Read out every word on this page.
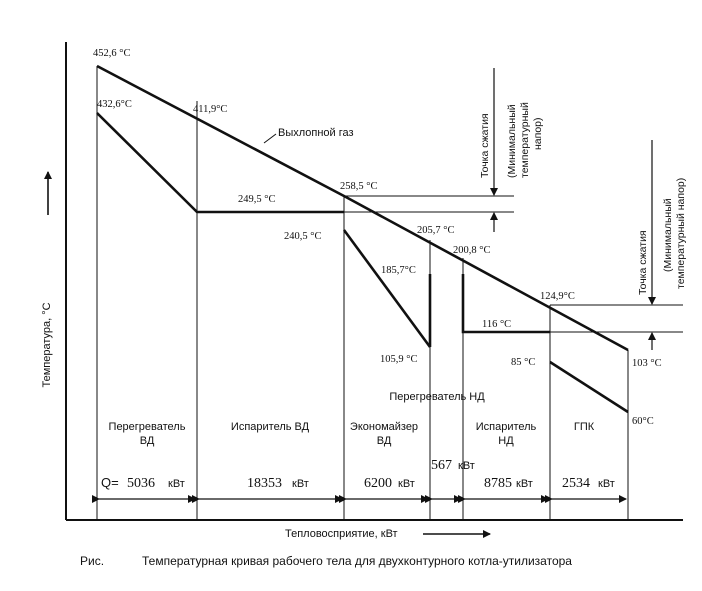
Температура, °С
Тепловосприятие, кВт
Точка сжатия (Минимальный температурный напор)
Точка сжатия (Минимальный температурный напор)
Выхлопной газ
452,6 °С
432,6°С	411,9°С
249,5 °С
258,5 °С
240,5 °С
205,7 °С
185,7°С
200,8 °С
105,9 °С
124,9°С
116 °С
85 °С	103 °С
60°С
Перегреватель
ВД
Испаритель ВД	Экономайзер
ВД
Перегреватель НД
Испаритель
НД
ГПК
Q= 5036 кВт	18353 кВт	6200 кВт
567 кВт
8785 кВт 2534 кВт
Рис.	Температурная кривая рабочего тела для двухконтурного котла-утилизатора
